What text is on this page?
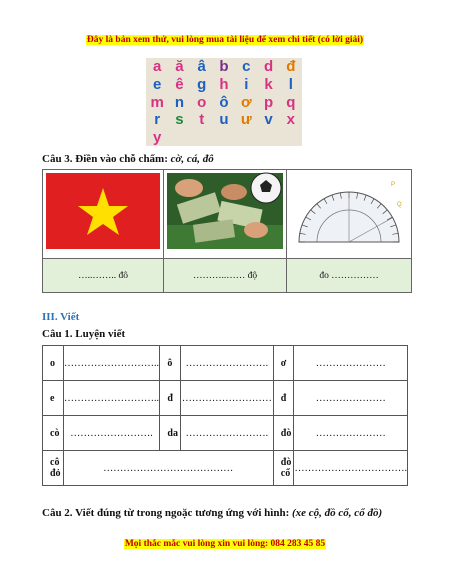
Đây là bản xem thử, vui lòng mua tài liệu để xem chi tiết (có lời giải)
a ă â b c d đ
e ê g h i k l
m n o ô ơ p q
r s t u ư v x
y
Câu 3. Điền vào chỗ chấm: cờ, cá, đô

P
Q

…..…….. đô	………..…… độ	đo ……………
III. Viết
Câu 1. Luyện viết
o	………………………..	ô	…………………….	ơ	…………………
e	………………………..	đ	………………………	đ	…………………
cò	…………………….	da	…………………….	đò	…………………
cô đỏ	…………………………………			đò cổ	…………………………….
Câu 2. Viết đúng từ trong ngoặc tương ứng với hình: (xe cộ, đồ cổ, cổ đồ)
Mọi thắc mắc vui lòng xin vui lòng: 084 283 45 85
